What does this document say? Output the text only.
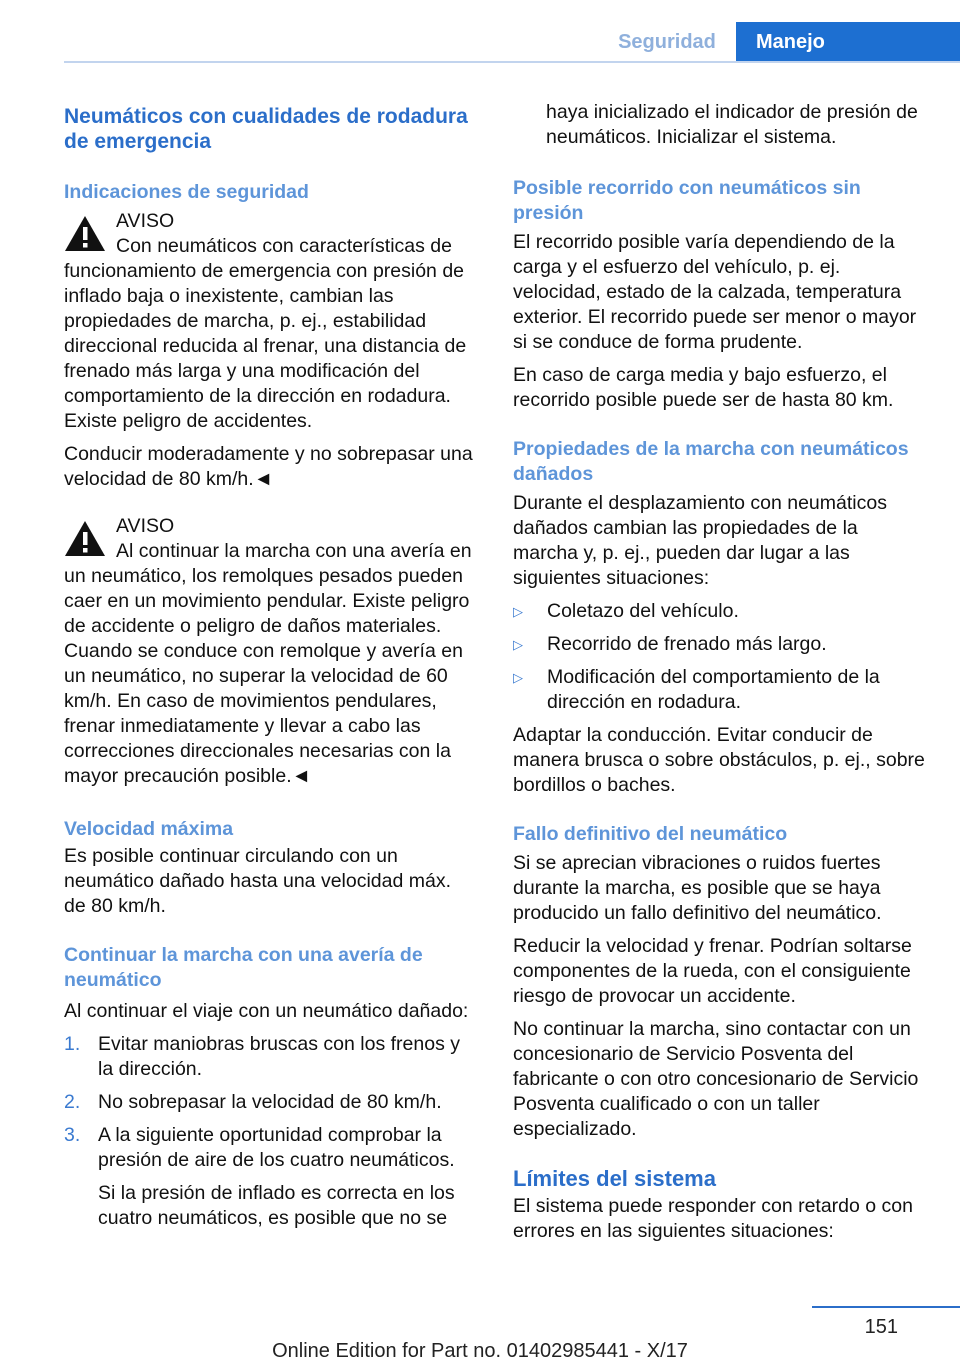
Seguridad	Manejo
Neumáticos con cualidades de rodadura de emergencia
Indicaciones de seguridad

AVISO

Con neumáticos con características de funcionamiento de emergencia con presión de inflado baja o inexistente, cambian las propiedades de marcha, p. ej., estabilidad direccional reducida al frenar, una distancia de frenado más larga y una modificación del comportamiento de la dirección en rodadura. Existe peligro de accidentes.

Conducir moderadamente y no sobrepasar una velocidad de 80 km/h.◄

AVISO

Al continuar la marcha con una avería en un neumático, los remolques pesados pueden caer en un movimiento pendular. Existe peligro de accidente o peligro de daños materiales. Cuando se conduce con remolque y avería en un neumático, no superar la velocidad de 60 km/h. En caso de movimientos pendulares, frenar inmediatamente y llevar a cabo las correcciones direccionales necesarias con la mayor precaución posible.◄

Velocidad máxima

Es posible continuar circulando con un neumático dañado hasta una velocidad máx. de 80 km/h.

Continuar la marcha con una avería de neumático

Al continuar el viaje con un neumático dañado:

1. Evitar maniobras bruscas con los frenos y la dirección.
2. No sobrepasar la velocidad de 80 km/h.
3. A la siguiente oportunidad comprobar la presión de aire de los cuatro neumáticos.

Si la presión de inflado es correcta en los cuatro neumáticos, es posible que no se

haya inicializado el indicador de presión de neumáticos. Inicializar el sistema.

Posible recorrido con neumáticos sin presión

El recorrido posible varía dependiendo de la carga y el esfuerzo del vehículo, p. ej. velocidad, estado de la calzada, temperatura exterior. El recorrido puede ser menor o mayor si se conduce de forma prudente.

En caso de carga media y bajo esfuerzo, el recorrido posible puede ser de hasta 80 km.

Propiedades de la marcha con neumáticos dañados

Durante el desplazamiento con neumáticos dañados cambian las propiedades de la marcha y, p. ej., pueden dar lugar a las siguientes situaciones:

▷ Coletazo del vehículo.
▷ Recorrido de frenado más largo.
▷ Modificación del comportamiento de la dirección en rodadura.

Adaptar la conducción. Evitar conducir de manera brusca o sobre obstáculos, p. ej., sobre bordillos o baches.

Fallo definitivo del neumático

Si se aprecian vibraciones o ruidos fuertes durante la marcha, es posible que se haya producido un fallo definitivo del neumático.

Reducir la velocidad y frenar. Podrían soltarse componentes de la rueda, con el consiguiente riesgo de provocar un accidente.

No continuar la marcha, sino contactar con un concesionario de Servicio Posventa del fabricante o con otro concesionario de Servicio Posventa cualificado o con un taller especializado.

Límites del sistema

El sistema puede responder con retardo o con errores en las siguientes situaciones:

151
Online Edition for Part no. 01402985441 - X/17
